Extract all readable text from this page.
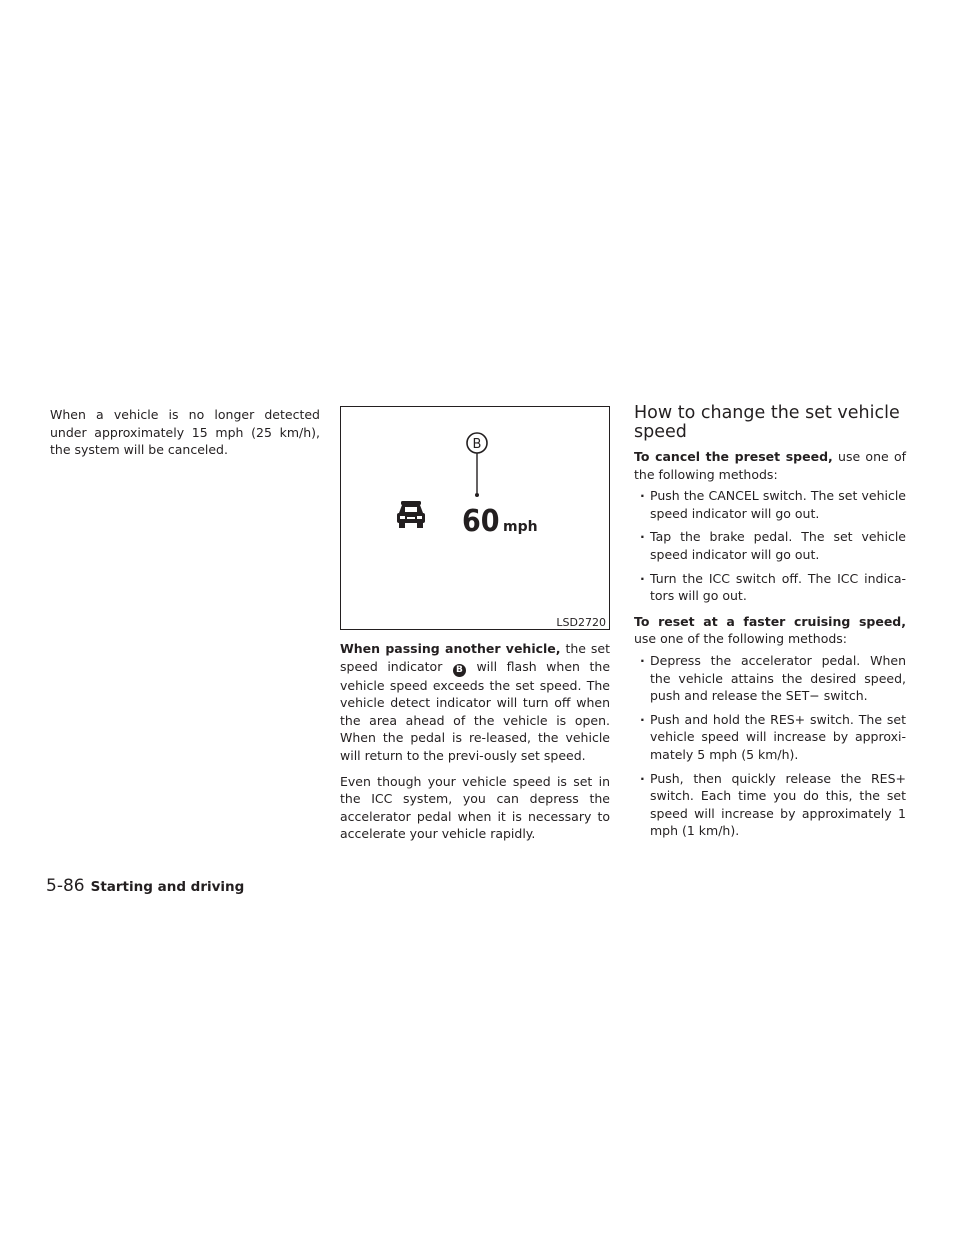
When a vehicle is no longer detected under approximately 15 mph (25 km/h), the system will be canceled.	B
60 mph
LSD2720

When passing another vehicle, the set speed indicator B will flash when the vehicle speed exceeds the set speed. The vehicle detect indicator will turn off when the area ahead of the vehicle is open. When the pedal is re-leased, the vehicle will return to the previ-ously set speed.

Even though your vehicle speed is set in the ICC system, you can depress the accelerator pedal when it is necessary to accelerate your vehicle rapidly.

How to change the set vehicle speed

To cancel the preset speed, use one of the following methods:

· Push the CANCEL switch. The set vehicle speed indicator will go out.
· Tap the brake pedal. The set vehicle speed indicator will go out.
· Turn the ICC switch off. The ICC indica-tors will go out.

To reset at a faster cruising speed, use one of the following methods:

· Depress the accelerator pedal. When the vehicle attains the desired speed, push and release the SET− switch.
· Push and hold the RES+ switch. The set vehicle speed will increase by approxi-mately 5 mph (5 km/h).
· Push, then quickly release the RES+ switch. Each time you do this, the set speed will increase by approximately 1 mph (1 km/h).
5-86 Starting and driving
